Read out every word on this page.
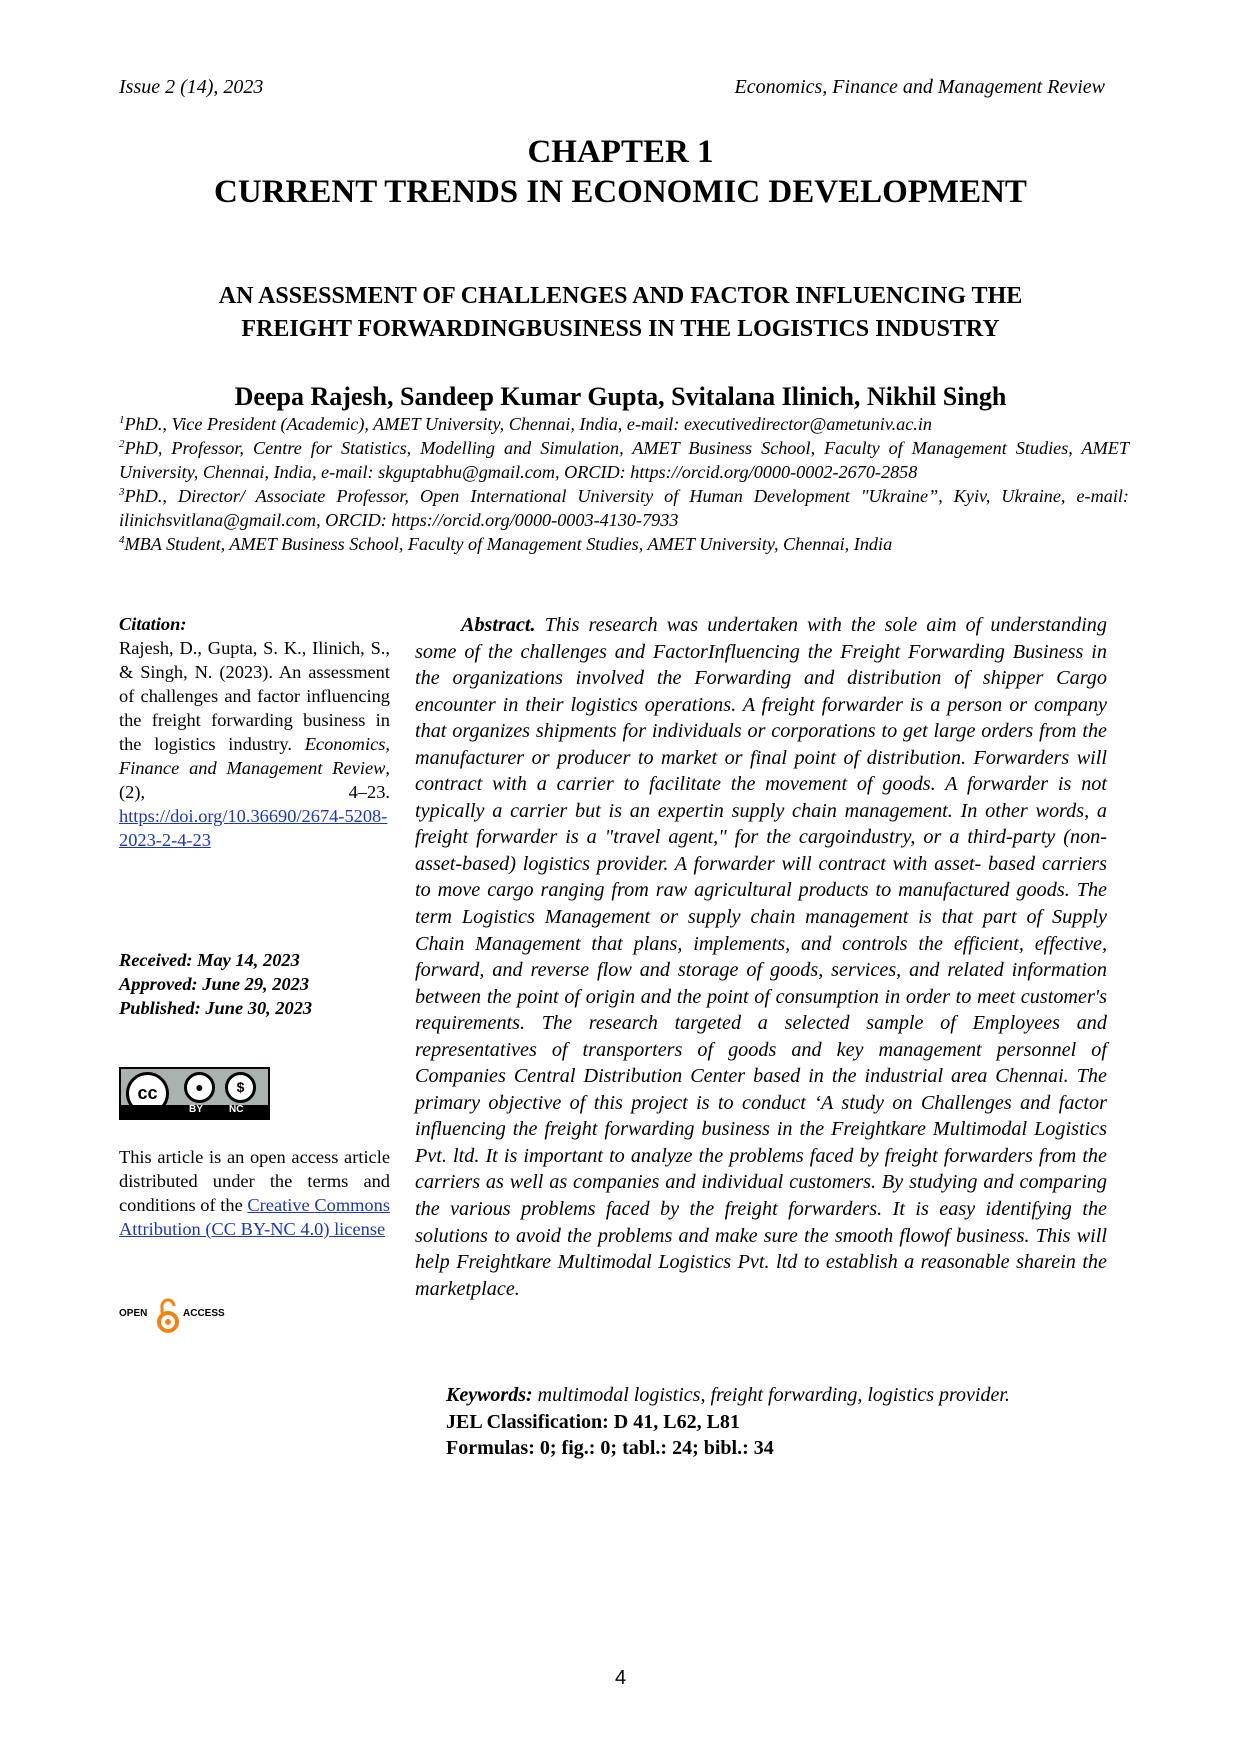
Issue 2 (14), 2023	Economics, Finance and Management Review
CHAPTER 1
CURRENT TRENDS IN ECONOMIC DEVELOPMENT
AN ASSESSMENT OF CHALLENGES AND FACTOR INFLUENCING THE
FREIGHT FORWARDINGBUSINESS IN THE LOGISTICS INDUSTRY
Deepa Rajesh, Sandeep Kumar Gupta, Svitalana Ilinich, Nikhil Singh

$^1$PhD., Vice President (Academic), AMET University, Chennai, India, e-mail: executivedirector@ametuniv.ac.in

$^2$PhD, Professor, Centre for Statistics, Modelling and Simulation, AMET Business School, Faculty of Management Studies, AMET University, Chennai, India, e-mail: skguptabhu@gmail.com, ORCID: https://orcid.org/0000-0002-2670-2858

$^3$PhD., Director/ Associate Professor, Open International University of Human Development "Ukraine”, Kyiv, Ukraine, e-mail: ilinichsvitlana@gmail.com, ORCID: https://orcid.org/0000-0003-4130-7933

$^4$MBA Student, AMET Business School, Faculty of Management Studies, AMET University, Chennai, India

Citation:

Rajesh, D., Gupta, S. K., Ilinich, S., & Singh, N. (2023). An assessment of challenges and factor influencing the freight forwarding business in the logistics industry. Economics, Finance and Management Review, (2), 4–23. https://doi.org/10.36690/2674-5208-2023-2-4-23

Received: May 14, 2023
Approved: June 29, 2023
Published: June 30, 2023
cc	●	$
BY	NC
This article is an open access article distributed under the terms and conditions of the Creative Commons Attribution (CC BY-NC 4.0) license
OPEN	ACCESS

Abstract. This research was undertaken with the sole aim of understanding some of the challenges and FactorInfluencing the Freight Forwarding Business in the organizations involved the Forwarding and distribution of shipper Cargo encounter in their logistics operations. A freight forwarder is a person or company that organizes shipments for individuals or corporations to get large orders from the manufacturer or producer to market or final point of distribution. Forwarders will contract with a carrier to facilitate the movement of goods. A forwarder is not typically a carrier but is an expertin supply chain management. In other words, a freight forwarder is a "travel agent," for the cargoindustry, or a third-party (non-asset-based) logistics provider. A forwarder will contract with asset- based carriers to move cargo ranging from raw agricultural products to manufactured goods. The term Logistics Management or supply chain management is that part of Supply Chain Management that plans, implements, and controls the efficient, effective, forward, and reverse flow and storage of goods, services, and related information between the point of origin and the point of consumption in order to meet customer's requirements. The research targeted a selected sample of Employees and representatives of transporters of goods and key management personnel of Companies Central Distribution Center based in the industrial area Chennai. The primary objective of this project is to conduct ‘A study on Challenges and factor influencing the freight forwarding business in the Freightkare Multimodal Logistics Pvt. ltd. It is important to analyze the problems faced by freight forwarders from the carriers as well as companies and individual customers. By studying and comparing the various problems faced by the freight forwarders. It is easy identifying the solutions to avoid the problems and make sure the smooth flowof business. This will help Freightkare Multimodal Logistics Pvt. ltd to establish a reasonable sharein the marketplace.

Keywords: multimodal logistics, freight forwarding, logistics provider.
JEL Classification: D 41, L62, L81
Formulas: 0; fig.: 0; tabl.: 24; bibl.: 34
4
